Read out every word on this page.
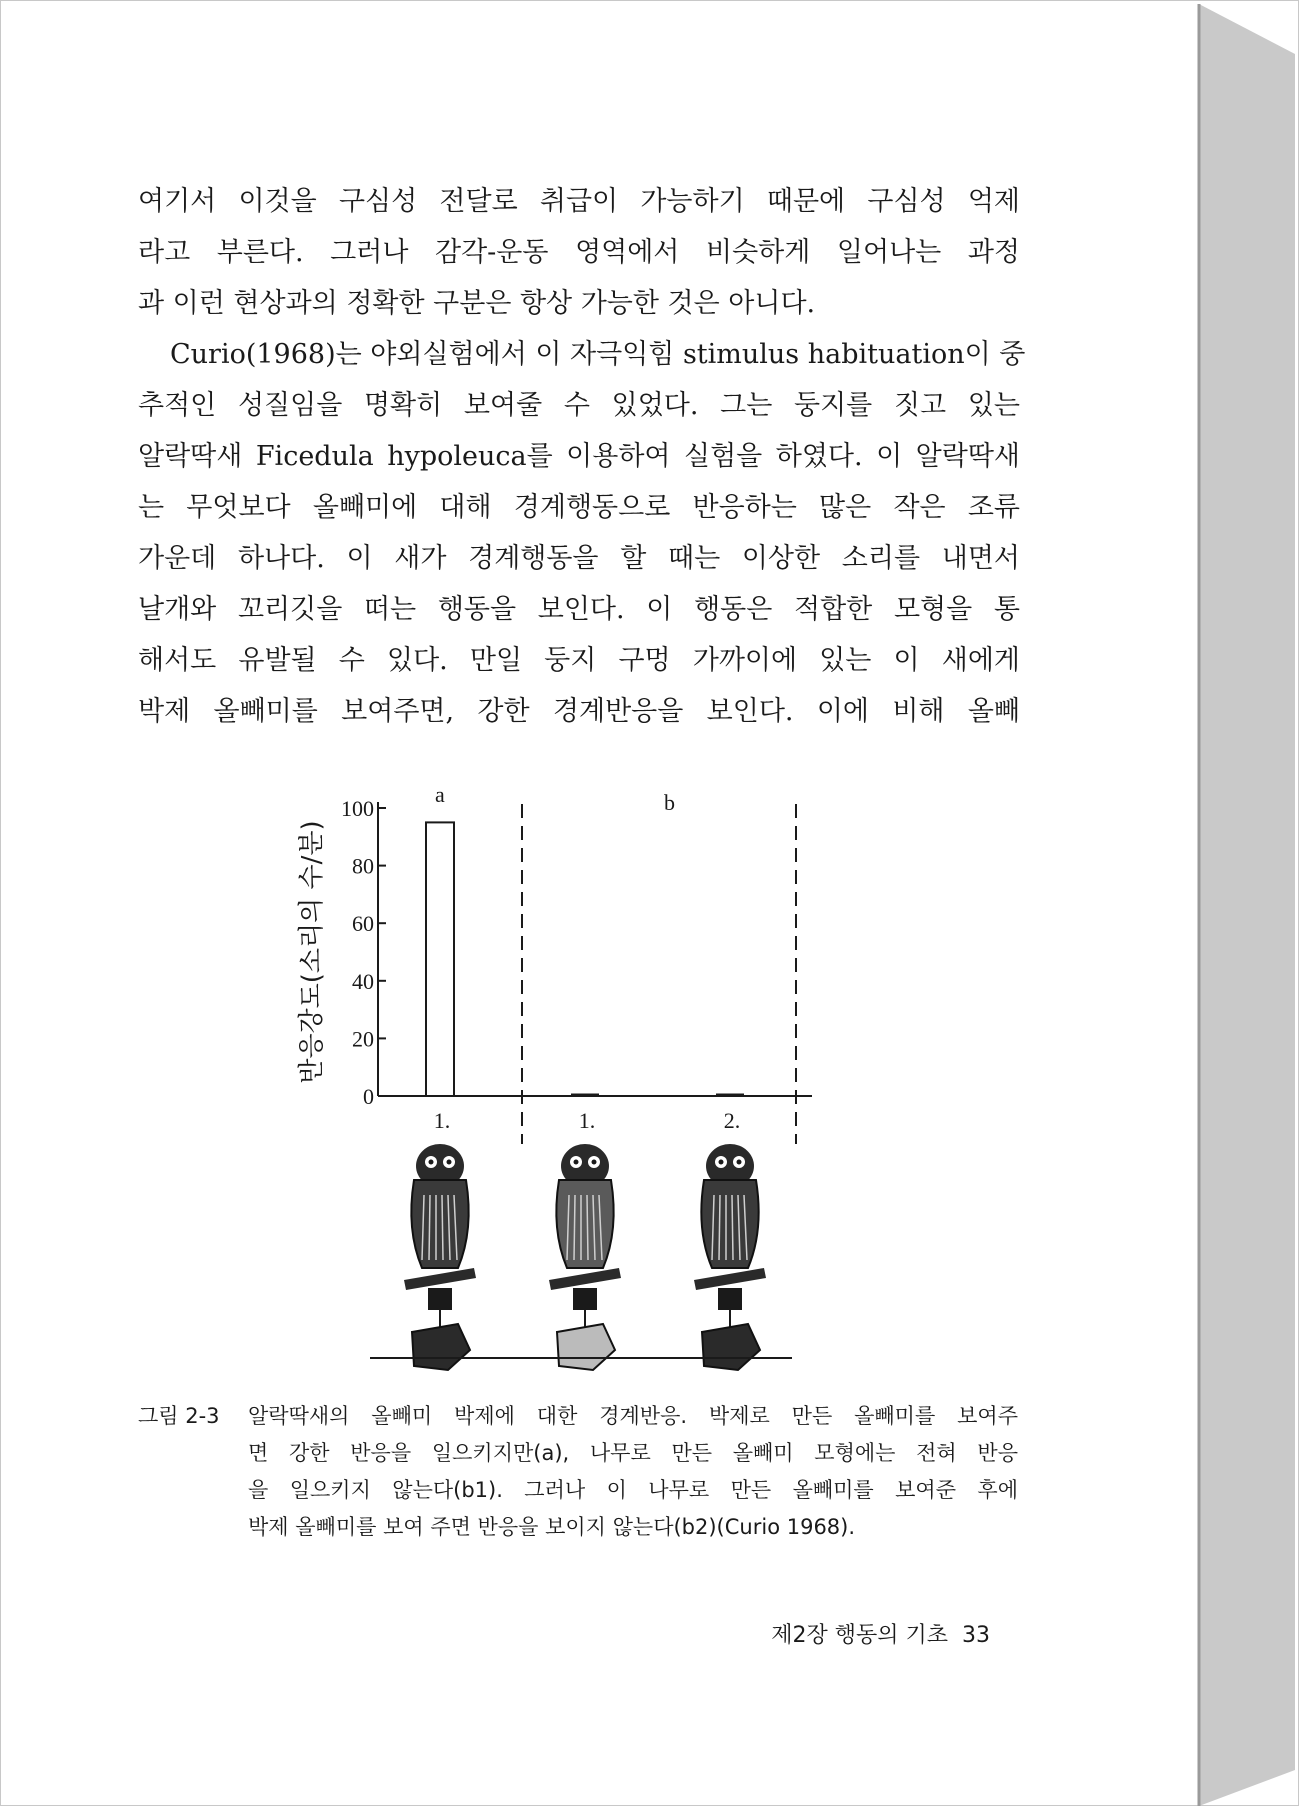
여기서 이것을 구심성 전달로 취급이 가능하기 때문에 구심성 억제
라고 부른다. 그러나 감각-운동 영역에서 비슷하게 일어나는 과정
과 이런 현상과의 정확한 구분은 항상 가능한 것은 아니다.
Curio(1968)는 야외실험에서 이 자극익힘 stimulus habituation이 중
추적인 성질임을 명확히 보여줄 수 있었다. 그는 둥지를 짓고 있는
알락딱새 Ficedula hypoleuca를 이용하여 실험을 하였다. 이 알락딱새
는 무엇보다 올빼미에 대해 경계행동으로 반응하는 많은 작은 조류
가운데 하나다. 이 새가 경계행동을 할 때는 이상한 소리를 내면서
날개와 꼬리깃을 떠는 행동을 보인다. 이 행동은 적합한 모형을 통
해서도 유발될 수 있다. 만일 둥지 구멍 가까이에 있는 이 새에게
박제 올빼미를 보여주면, 강한 경계반응을 보인다. 이에 비해 올빼
0
20
40
60
80
100
반응강도(소리의 수/분)
a	b
1.	1.	2.
그림 2-3 알락딱새의 올빼미 박제에 대한 경계반응. 박제로 만든 올빼미를 보여주
면 강한 반응을 일으키지만(a), 나무로 만든 올빼미 모형에는 전혀 반응
을 일으키지 않는다(b1). 그러나 이 나무로 만든 올빼미를 보여준 후에
박제 올빼미를 보여 주면 반응을 보이지 않는다(b2)(Curio 1968).
제2장 행동의 기초 33
